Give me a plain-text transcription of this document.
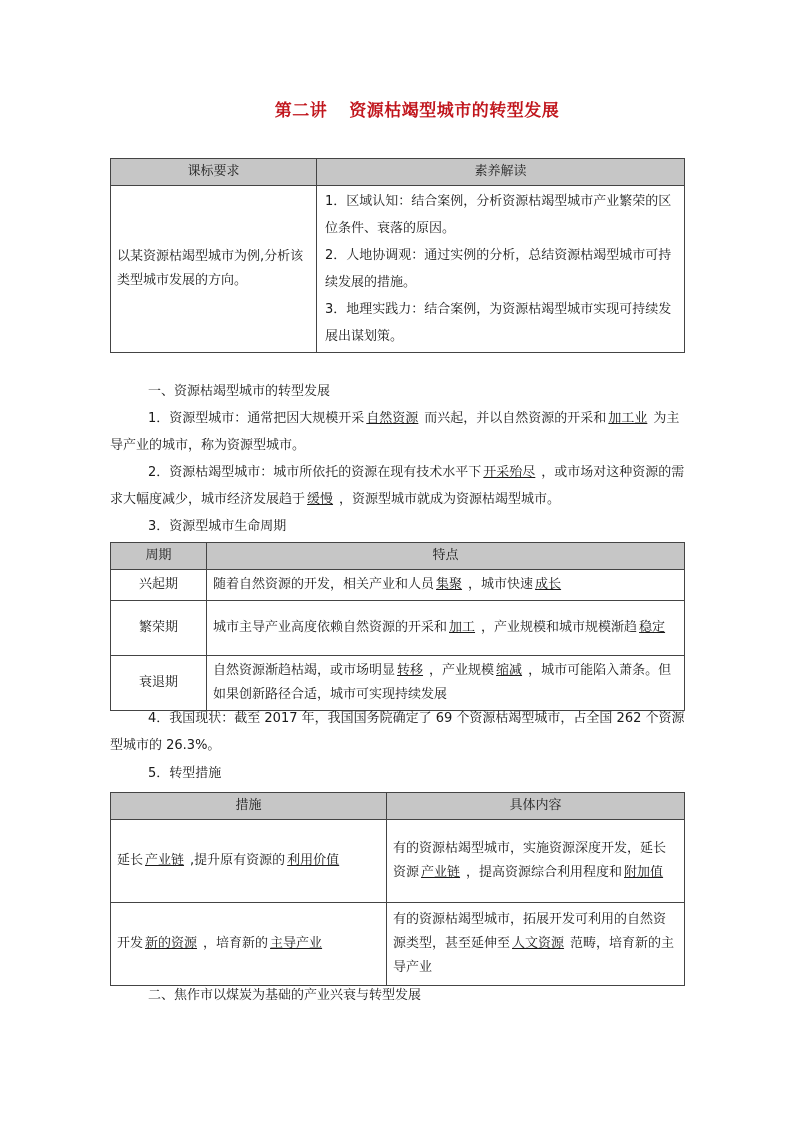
第二讲 资源枯竭型城市的转型发展
课标要求	素养解读
以某资源枯竭型城市为例,分析该类型城市发展的方向。	1．区域认知：结合案例，分析资源枯竭型城市产业繁荣的区位条件、衰落的原因。
2．人地协调观：通过实例的分析，总结资源枯竭型城市可持续发展的措施。
3．地理实践力：结合案例，为资源枯竭型城市实现可持续发展出谋划策。
一、资源枯竭型城市的转型发展
1．资源型城市：通常把因大规模开采 自然资源 而兴起，并以自然资源的开采和 加工业 为主导产业的城市，称为资源型城市。
2．资源枯竭型城市：城市所依托的资源在现有技术水平下 开采殆尽 ，或市场对这种资源的需求大幅度减少，城市经济发展趋于 缓慢 ，资源型城市就成为资源枯竭型城市。
3．资源型城市生命周期
周期	特点
兴起期	随着自然资源的开发，相关产业和人员 集聚 ，城市快速 成长
繁荣期	城市主导产业高度依赖自然资源的开采和 加工 ，产业规模和城市规模渐趋 稳定
衰退期	自然资源渐趋枯竭，或市场明显 转移 ，产业规模 缩减 ，城市可能陷入萧条。但如果创新路径合适，城市可实现持续发展
4．我国现状：截至 2017 年，我国国务院确定了 69 个资源枯竭型城市，占全国 262 个资源型城市的 26.3%。
5．转型措施
措施	具体内容
延长 产业链 ,提升原有资源的 利用价值	有的资源枯竭型城市，实施资源深度开发，延长资源 产业链 ，提高资源综合利用程度和 附加值
开发 新的资源 ，培育新的 主导产业	有的资源枯竭型城市，拓展开发可利用的自然资源类型，甚至延伸至 人文资源 范畴，培育新的主导产业
二、焦作市以煤炭为基础的产业兴衰与转型发展
